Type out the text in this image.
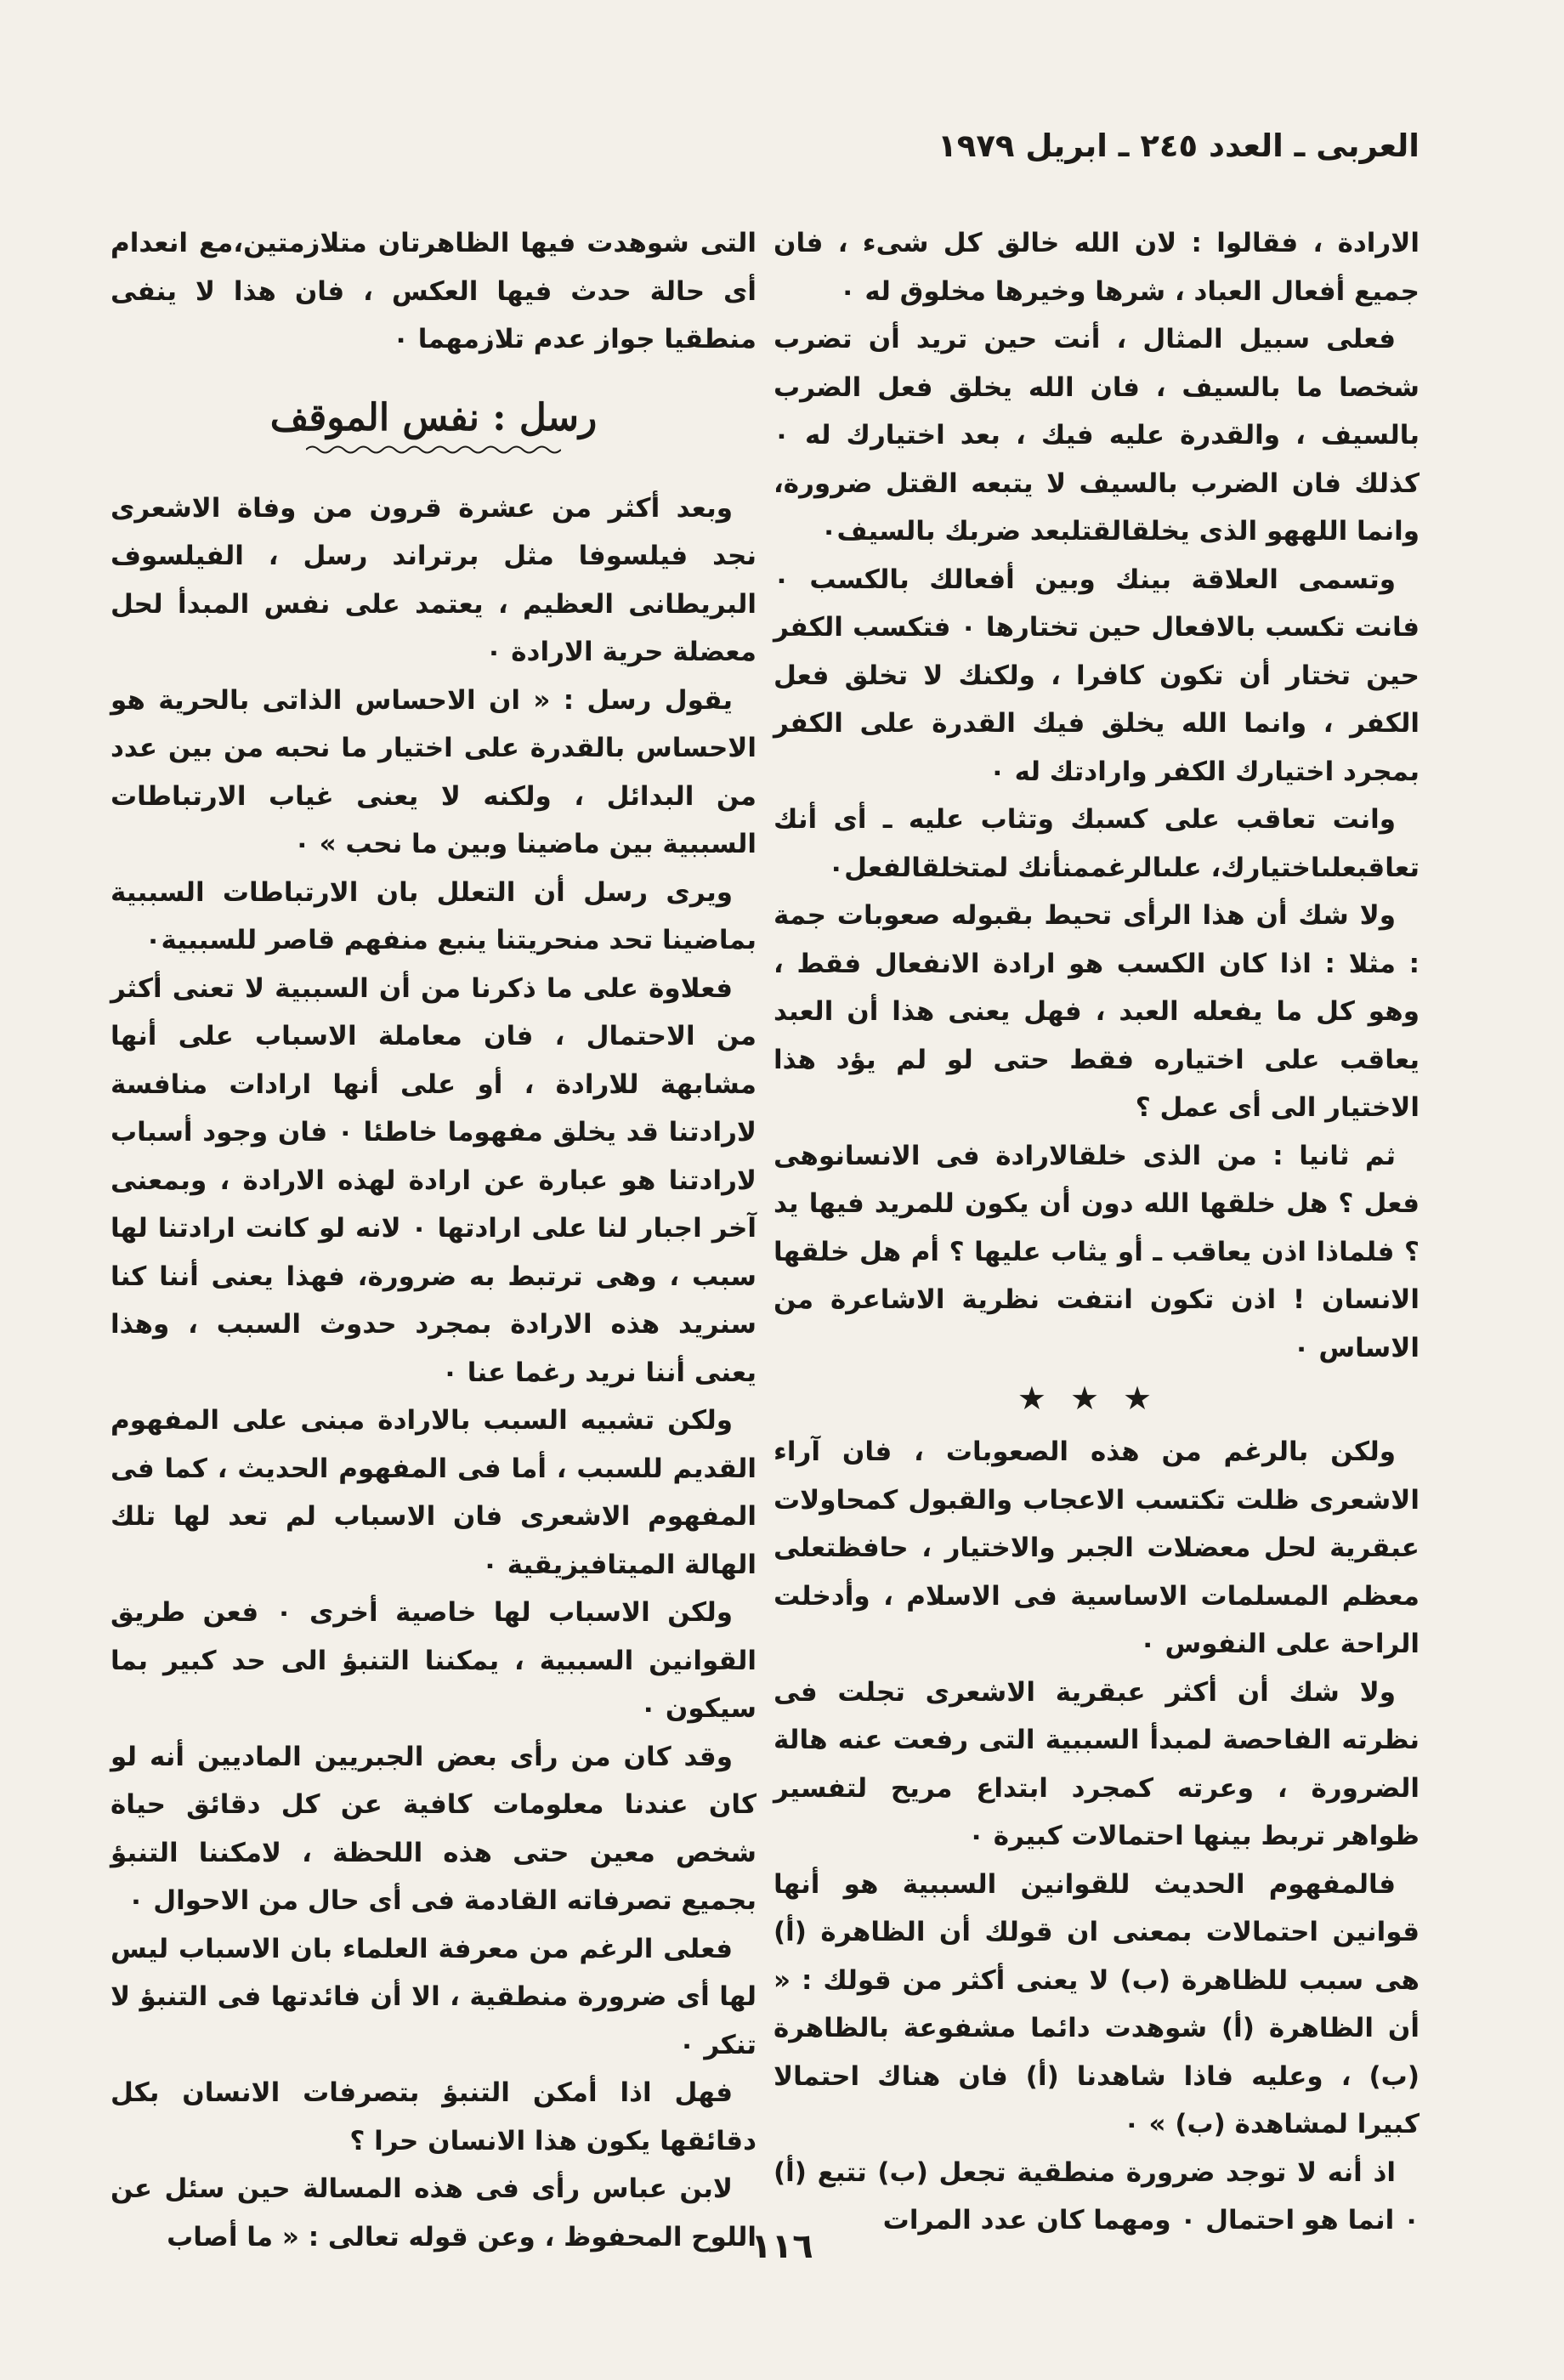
العربى ـ العدد ٢٤٥ ـ ابريل ١٩٧٩

الارادة ، فقالوا : لان الله خالق كل شىء ، فان جميع أفعال العباد ، شرها وخيرها مخلوق له ٠

فعلى سبيل المثال ، أنت حين تريد أن تضرب شخصا ما بالسيف ، فان الله يخلق فعل الضرب بالسيف ، والقدرة عليه فيك ، بعد اختيارك له ٠ كذلك فان الضرب بالسيف لا يتبعه القتل ضرورة، وانما اللههو الذى يخلقالقتلبعد ضربك بالسيف٠

وتسمى العلاقة بينك وبين أفعالك بالكسب ٠ فانت تكسب بالافعال حين تختارها ٠ فتكسب الكفر حين تختار أن تكون كافرا ، ولكنك لا تخلق فعل الكفر ، وانما الله يخلق فيك القدرة على الكفر بمجرد اختيارك الكفر وارادتك له ٠

وانت تعاقب على كسبك وتثاب عليه ـ أى أنك تعاقبعلىاختيارك، علىالرغممنأنك لمتخلقالفعل٠

ولا شك أن هذا الرأى تحيط بقبوله صعوبات جمة : مثلا : اذا كان الكسب هو ارادة الانفعال فقط ، وهو كل ما يفعله العبد ، فهل يعنى هذا أن العبد يعاقب على اختياره فقط حتى لو لم يؤد هذا الاختيار الى أى عمل ؟

ثم ثانيا : من الذى خلقالارادة فى الانسانوهى فعل ؟ هل خلقها الله دون أن يكون للمريد فيها يد ؟ فلماذا اذن يعاقب ـ أو يثاب عليها ؟ أم هل خلقها الانسان ! اذن تكون انتفت نظرية الاشاعرة من الاساس ٠

★★★

ولكن بالرغم من هذه الصعوبات ، فان آراء الاشعرى ظلت تكتسب الاعجاب والقبول كمحاولات عبقرية لحل معضلات الجبر والاختيار ، حافظتعلى معظم المسلمات الاساسية فى الاسلام ، وأدخلت الراحة على النفوس ٠

ولا شك أن أكثر عبقرية الاشعرى تجلت فى نظرته الفاحصة لمبدأ السببية التى رفعت عنه هالة الضرورة ، وعرته كمجرد ابتداع مريح لتفسير ظواهر تربط بينها احتمالات كبيرة ٠

فالمفهوم الحديث للقوانين السببية هو أنها قوانين احتمالات بمعنى ان قولك أن الظاهرة (أ) هى سبب للظاهرة (ب) لا يعنى أكثر من قولك : « أن الظاهرة (أ) شوهدت دائما مشفوعة بالظاهرة (ب) ، وعليه فاذا شاهدنا (أ) فان هناك احتمالا كبيرا لمشاهدة (ب) » ٠

اذ أنه لا توجد ضرورة منطقية تجعل (ب) تتبع (أ) ٠ انما هو احتمال ٠ ومهما كان عدد المرات

التى شوهدت فيها الظاهرتان متلازمتين،مع انعدام أى حالة حدث فيها العكس ، فان هذا لا ينفى منطقيا جواز عدم تلازمهما ٠

رسل : نفس الموقف

وبعد أكثر من عشرة قرون من وفاة الاشعرى نجد فيلسوفا مثل برتراند رسل ، الفيلسوف البريطانى العظيم ، يعتمد على نفس المبدأ لحل معضلة حرية الارادة ٠

يقول رسل : « ان الاحساس الذاتى بالحرية هو الاحساس بالقدرة على اختيار ما نحبه من بين عدد من البدائل ، ولكنه لا يعنى غياب الارتباطات السببية بين ماضينا وبين ما نحب » ٠

ويرى رسل أن التعلل بان الارتباطات السببية بماضينا تحد منحريتنا ينبع منفهم قاصر للسببية٠

فعلاوة على ما ذكرنا من أن السببية لا تعنى أكثر من الاحتمال ، فان معاملة الاسباب على أنها مشابهة للارادة ، أو على أنها ارادات منافسة لارادتنا قد يخلق مفهوما خاطئا ٠ فان وجود أسباب لارادتنا هو عبارة عن ارادة لهذه الارادة ، وبمعنى آخر اجبار لنا على ارادتها ٠ لانه لو كانت ارادتنا لها سبب ، وهى ترتبط به ضرورة، فهذا يعنى أننا كنا سنريد هذه الارادة بمجرد حدوث السبب ، وهذا يعنى أننا نريد رغما عنا ٠

ولكن تشبيه السبب بالارادة مبنى على المفهوم القديم للسبب ، أما فى المفهوم الحديث ، كما فى المفهوم الاشعرى فان الاسباب لم تعد لها تلك الهالة الميتافيزيقية ٠

ولكن الاسباب لها خاصية أخرى ٠ فعن طريق القوانين السببية ، يمكننا التنبؤ الى حد كبير بما سيكون ٠

وقد كان من رأى بعض الجبريين الماديين أنه لو كان عندنا معلومات كافية عن كل دقائق حياة شخص معين حتى هذه اللحظة ، لامكننا التنبؤ بجميع تصرفاته القادمة فى أى حال من الاحوال ٠

فعلى الرغم من معرفة العلماء بان الاسباب ليس لها أى ضرورة منطقية ، الا أن فائدتها فى التنبؤ لا تنكر ٠

فهل اذا أمكن التنبؤ بتصرفات الانسان بكل دقائقها يكون هذا الانسان حرا ؟

لابن عباس رأى فى هذه المسالة حين سئل عن اللوح المحفوظ ، وعن قوله تعالى : « ما أصاب

١١٦
